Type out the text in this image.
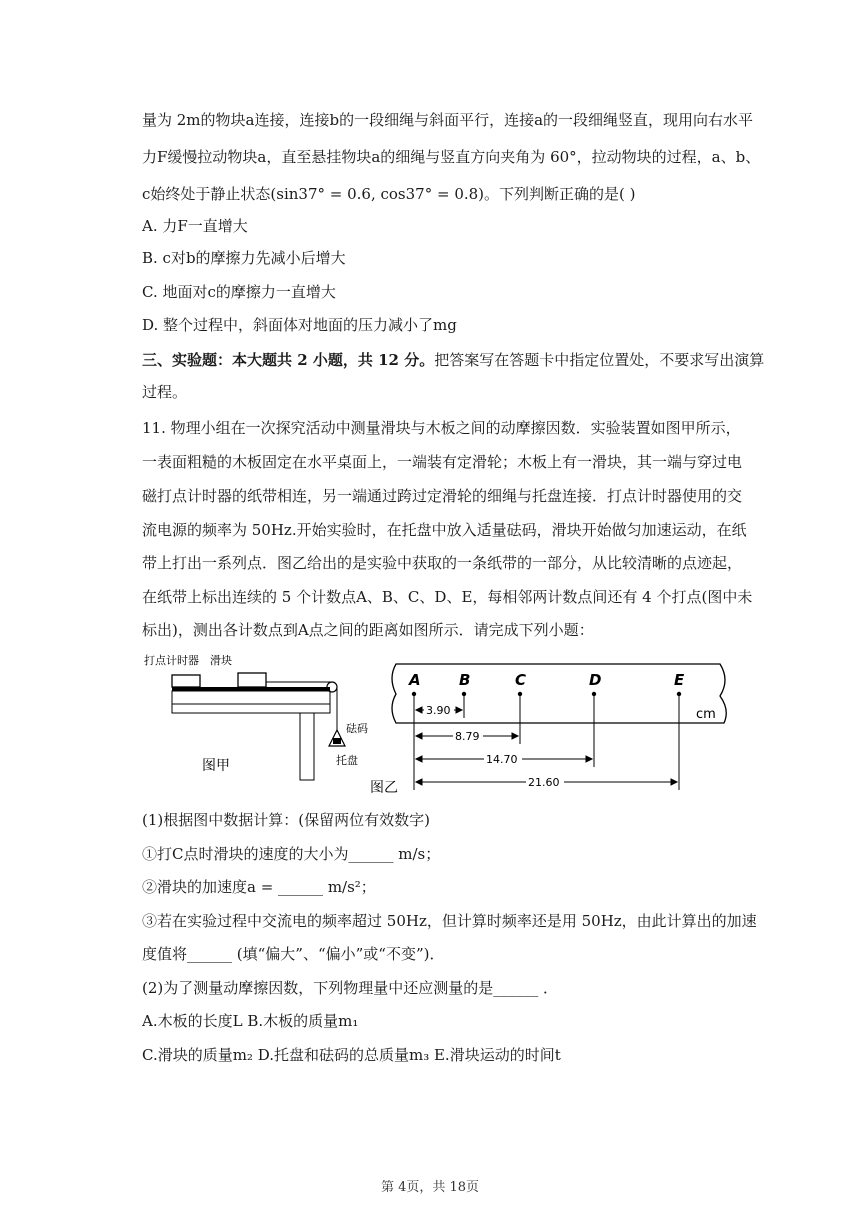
量为 2m的物块a连接，连接b的一段细绳与斜面平行，连接a的一段细绳竖直，现用向右水平
力F缓慢拉动物块a，直至悬挂物块a的细绳与竖直方向夹角为 60°，拉动物块的过程，a、b、
c始终处于静止状态(sin37° = 0.6, cos37° = 0.8)。下列判断正确的是( )
A. 力F一直增大
B. c对b的摩擦力先减小后增大
C. 地面对c的摩擦力一直增大
D. 整个过程中，斜面体对地面的压力减小了mg
三、实验题：本大题共 2 小题，共 12 分。把答案写在答题卡中指定位置处，不要求写出演算
过程。
11. 物理小组在一次探究活动中测量滑块与木板之间的动摩擦因数．实验装置如图甲所示，
一表面粗糙的木板固定在水平桌面上，一端装有定滑轮；木板上有一滑块，其一端与穿过电
磁打点计时器的纸带相连，另一端通过跨过定滑轮的细绳与托盘连接．打点计时器使用的交
流电源的频率为 50Hz.开始实验时，在托盘中放入适量砝码，滑块开始做匀加速运动，在纸
带上打出一系列点．图乙给出的是实验中获取的一条纸带的一部分，从比较清晰的点迹起，
在纸带上标出连续的 5 个计数点A、B、C、D、E，每相邻两计数点间还有 4 个打点(图中未
标出)，测出各计数点到A点之间的距离如图所示．请完成下列小题：
打点计时器 滑块
砝码
托盘
图甲
cm
A	B	C	D	E
3.90
8.79
14.70
21.60
图乙
(1)根据图中数据计算：(保留两位有效数字)
①打C点时滑块的速度的大小为______ m/s；
②滑块的加速度a = ______ m/s²；
③若在实验过程中交流电的频率超过 50Hz，但计算时频率还是用 50Hz，由此计算出的加速
度值将______ (填“偏大”、“偏小”或“不变”)．
(2)为了测量动摩擦因数，下列物理量中还应测量的是______ ．
A.木板的长度L B.木板的质量m₁
C.滑块的质量m₂ D.托盘和砝码的总质量m₃ E.滑块运动的时间t
第 4页，共 18页
